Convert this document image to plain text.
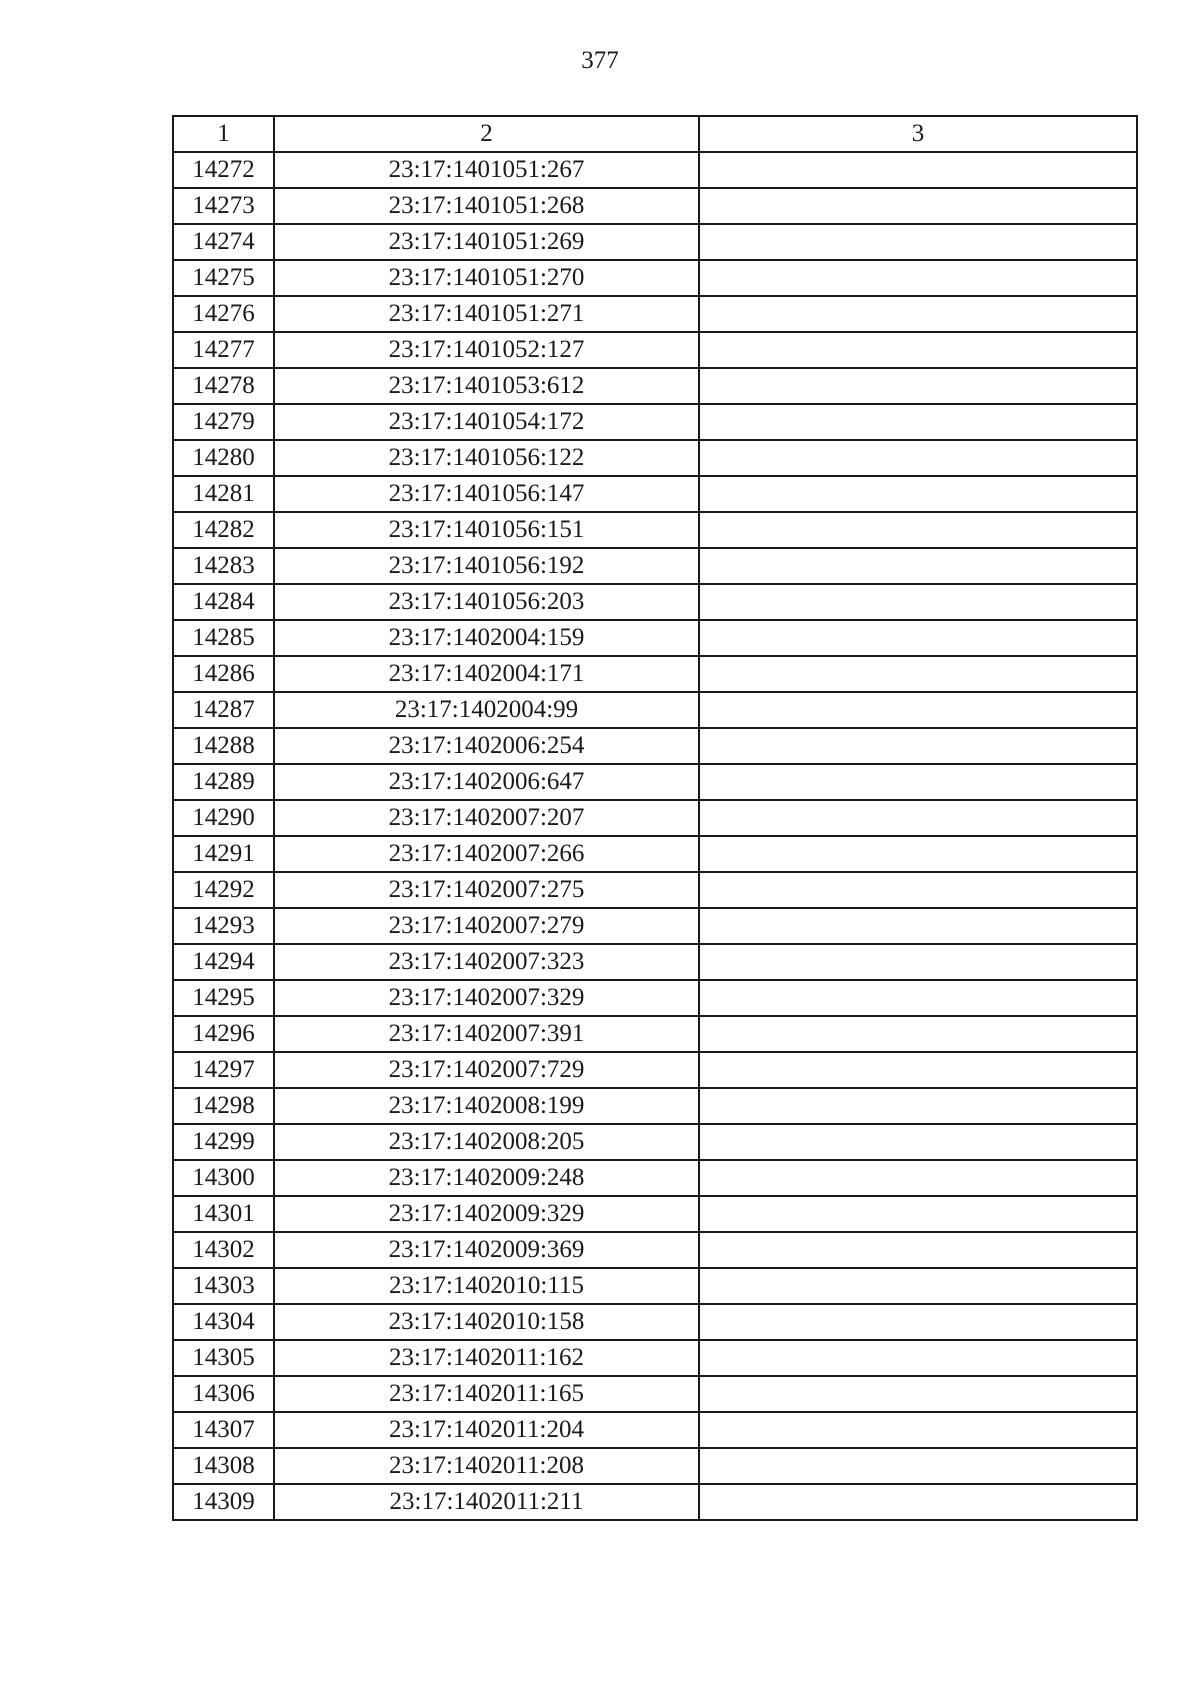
377
1	2	3
14272	23:17:1401051:267	
14273	23:17:1401051:268	
14274	23:17:1401051:269	
14275	23:17:1401051:270	
14276	23:17:1401051:271	
14277	23:17:1401052:127	
14278	23:17:1401053:612	
14279	23:17:1401054:172	
14280	23:17:1401056:122	
14281	23:17:1401056:147	
14282	23:17:1401056:151	
14283	23:17:1401056:192	
14284	23:17:1401056:203	
14285	23:17:1402004:159	
14286	23:17:1402004:171	
14287	23:17:1402004:99	
14288	23:17:1402006:254	
14289	23:17:1402006:647	
14290	23:17:1402007:207	
14291	23:17:1402007:266	
14292	23:17:1402007:275	
14293	23:17:1402007:279	
14294	23:17:1402007:323	
14295	23:17:1402007:329	
14296	23:17:1402007:391	
14297	23:17:1402007:729	
14298	23:17:1402008:199	
14299	23:17:1402008:205	
14300	23:17:1402009:248	
14301	23:17:1402009:329	
14302	23:17:1402009:369	
14303	23:17:1402010:115	
14304	23:17:1402010:158	
14305	23:17:1402011:162	
14306	23:17:1402011:165	
14307	23:17:1402011:204	
14308	23:17:1402011:208	
14309	23:17:1402011:211	
